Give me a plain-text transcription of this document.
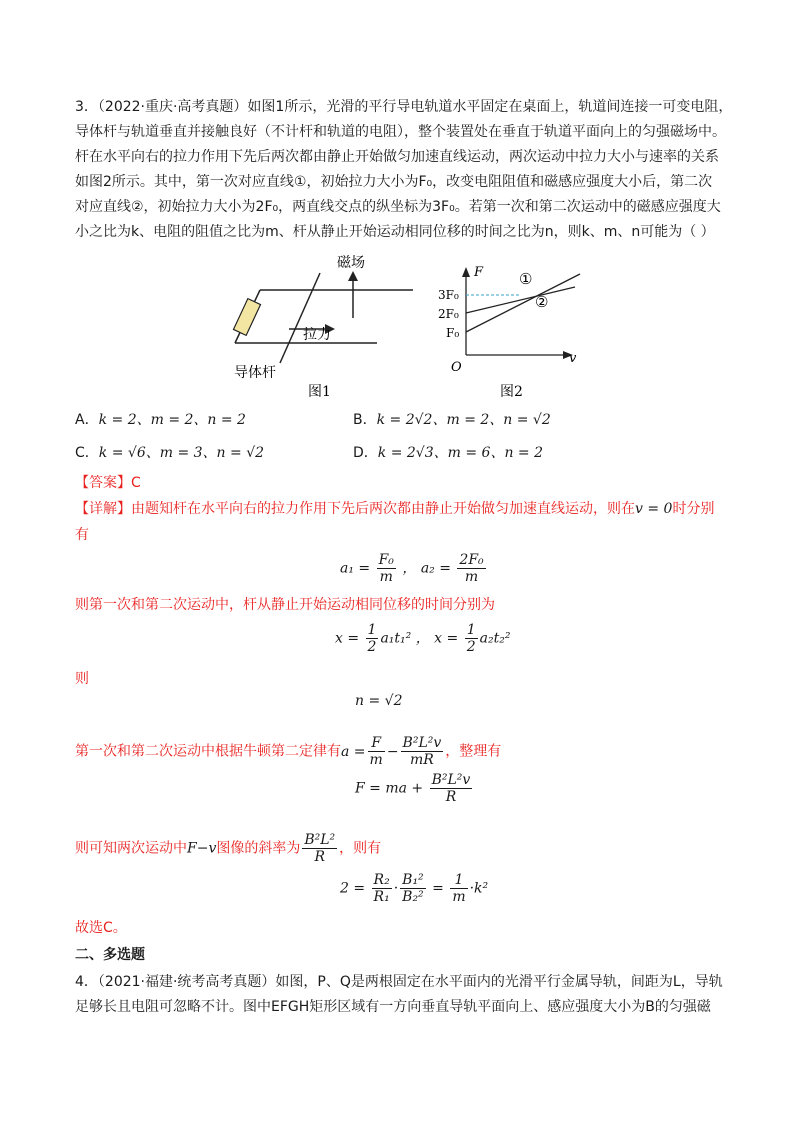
3．（2022·重庆·高考真题）如图1所示，光滑的平行导电轨道水平固定在桌面上，轨道间连接一可变电阻，
导体杆与轨道垂直并接触良好（不计杆和轨道的电阻），整个装置处在垂直于轨道平面向上的匀强磁场中。
杆在水平向右的拉力作用下先后两次都由静止开始做匀加速直线运动，两次运动中拉力大小与速率的关系
如图2所示。其中，第一次对应直线①，初始拉力大小为F₀，改变电阻阻值和磁感应强度大小后，第二次
对应直线②，初始拉力大小为2F₀，两直线交点的纵坐标为3F₀。若第一次和第二次运动中的磁感应强度大
小之比为k、电阻的阻值之比为m、杆从静止开始运动相同位移的时间之比为n，则k、m、n可能为（ ）
磁场
拉力
导体杆
图1
F
v
O
3F₀
2F₀
F₀
①
②
图2
A．k = 2、m = 2、n = 2	B．k = 2√2、m = 2、n = √2
C．k = √6、m = 3、n = √2	D．k = 2√3、m = 6、n = 2
【答案】C
【详解】由题知杆在水平向右的拉力作用下先后两次都由静止开始做匀加速直线运动，则在v = 0时分别
有
$a_1 = \frac{\text{F₀}}{m}$ ， $a_2 = \frac{\text{2F₀}}{m}$
则第一次和第二次运动中，杆从静止开始运动相同位移的时间分别为
$x = \frac{1}{2} a_1t_1^2$ ， $x = \frac{1}{2} a_2t_2^2$
则
n = √2
第一次和第二次运动中根据牛顿第二定律有$a = \frac{F}{m} - \frac{\text{B²L²v}}{mR}$ ，整理有
F = ma + $\frac{\text{B²L²v}}{R}$
则可知两次运动中F−v图像的斜率为 $\frac{\text{B²L²}}{R}$ ，则有
$2 = \frac{\text{R₂}}{\text{R₁}} \cdot \frac{\text{B₁²}}{\text{B₂²}} = \frac{1}{m} \cdot k^2$
故选C。
二、多选题
4．（2021·福建·统考高考真题）如图，P、Q是两根固定在水平面内的光滑平行金属导轨，间距为L，导轨
足够长且电阻可忽略不计。图中EFGH矩形区域有一方向垂直导轨平面向上、感应强度大小为B的匀强磁
